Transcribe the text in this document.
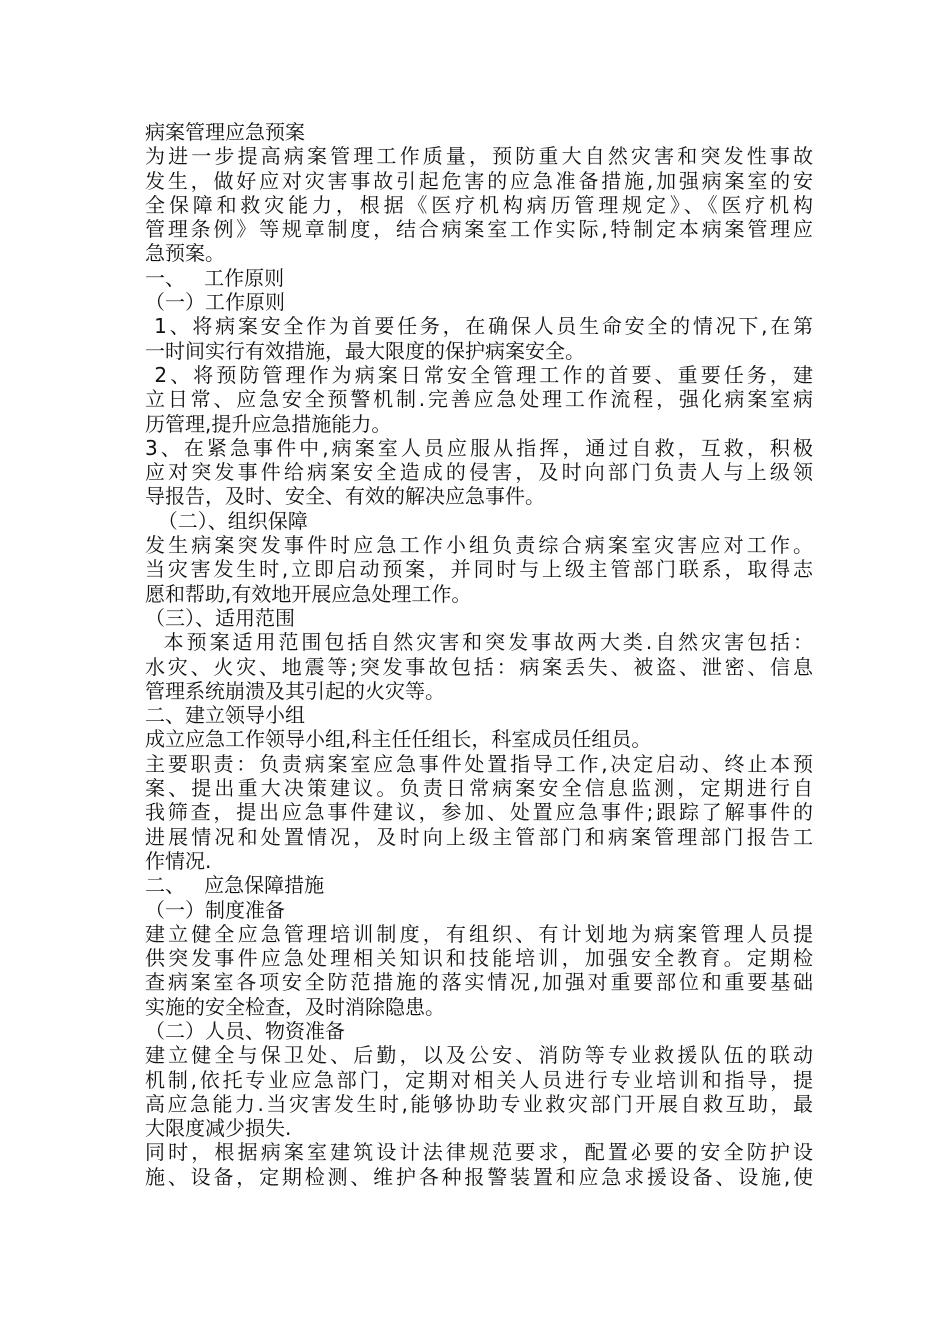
病案管理应急预案
为进一步提高病案管理工作质量，预防重大自然灾害和突发性事故
发生，做好应对灾害事故引起危害的应急准备措施,加强病案室的安
全保障和救灾能力，根据《医疗机构病历管理规定》、《医疗机构
管理条例》等规章制度，结合病案室工作实际,特制定本病案管理应
急预案。
一、   工作原则
（一）工作原则
1、将病案安全作为首要任务，在确保人员生命安全的情况下,在第
一时间实行有效措施，最大限度的保护病案安全。
2、将预防管理作为病案日常安全管理工作的首要、重要任务，建
立日常、应急安全预警机制.完善应急处理工作流程，强化病案室病
历管理,提升应急措施能力。
3、在紧急事件中,病案室人员应服从指挥，通过自救，互救，积极
应对突发事件给病案安全造成的侵害，及时向部门负责人与上级领
导报告，及时、安全、有效的解决应急事件。
（二）、组织保障
发生病案突发事件时应急工作小组负责综合病案室灾害应对工作。
当灾害发生时,立即启动预案，并同时与上级主管部门联系，取得志
愿和帮助,有效地开展应急处理工作。
（三）、适用范围
本预案适用范围包括自然灾害和突发事故两大类.自然灾害包括：
水灾、火灾、地震等;突发事故包括：病案丢失、被盗、泄密、信息
管理系统崩溃及其引起的火灾等。
二、建立领导小组
成立应急工作领导小组,科主任任组长，科室成员任组员。
主要职责：负责病案室应急事件处置指导工作,决定启动、终止本预
案、提出重大决策建议。负责日常病案安全信息监测，定期进行自
我筛查，提出应急事件建议，参加、处置应急事件;跟踪了解事件的
进展情况和处置情况，及时向上级主管部门和病案管理部门报告工
作情况.
二、   应急保障措施
（一）制度准备
建立健全应急管理培训制度，有组织、有计划地为病案管理人员提
供突发事件应急处理相关知识和技能培训，加强安全教育。定期检
查病案室各项安全防范措施的落实情况,加强对重要部位和重要基础
实施的安全检查，及时消除隐患。
（二）人员、物资准备
建立健全与保卫处、后勤，以及公安、消防等专业救援队伍的联动
机制,依托专业应急部门，定期对相关人员进行专业培训和指导，提
高应急能力.当灾害发生时,能够协助专业救灾部门开展自救互助，最
大限度减少损失.
同时，根据病案室建筑设计法律规范要求，配置必要的安全防护设
施、设备，定期检测、维护各种报警装置和应急求援设备、设施,使
